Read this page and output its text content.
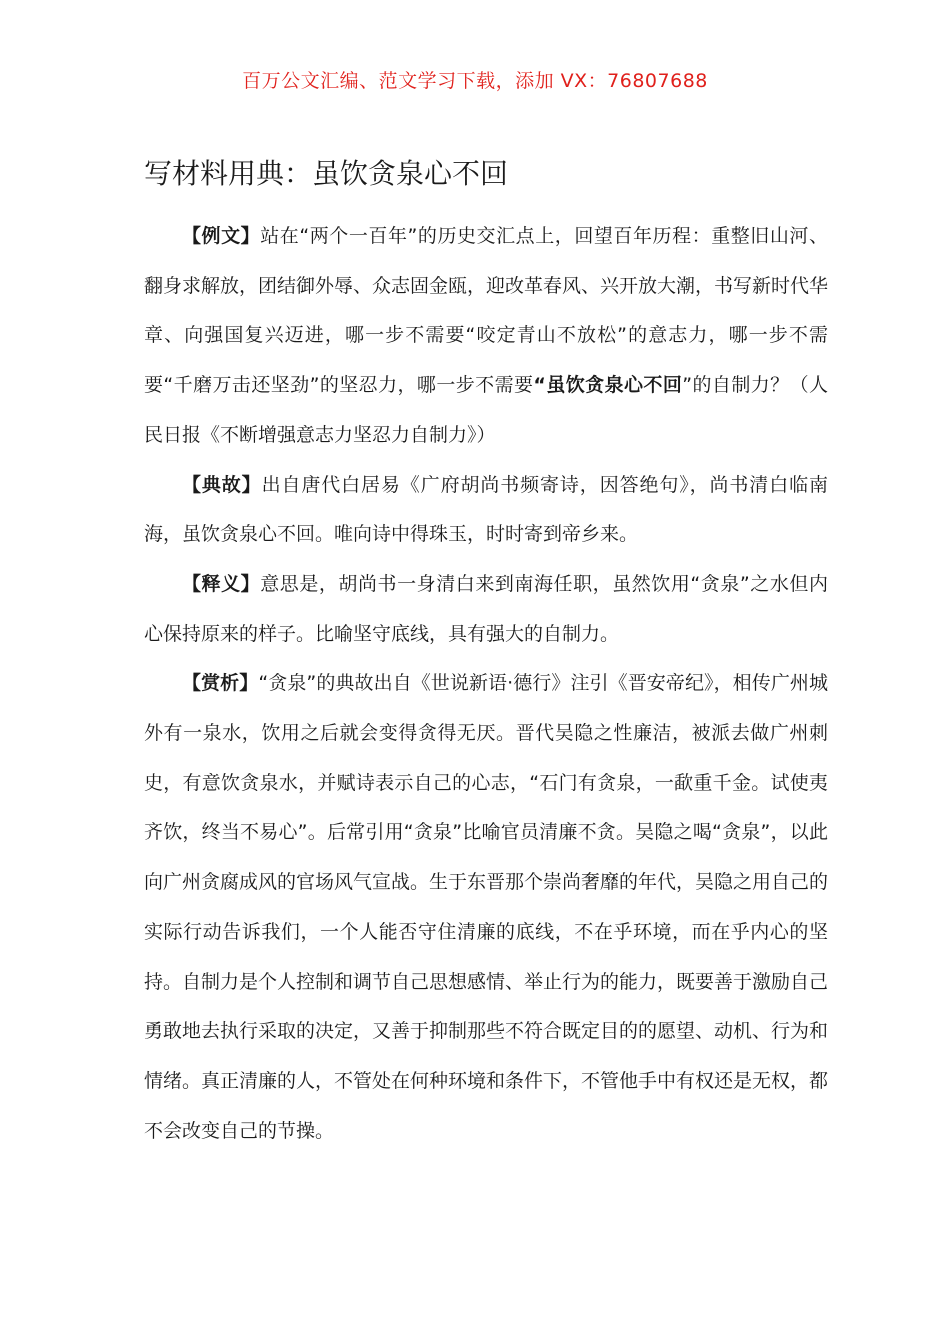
百万公文汇编、范文学习下载，添加 VX：76807688
写材料用典：虽饮贪泉心不回

【例文】站在“两个一百年”的历史交汇点上，回望百年历程：重整旧山河、翻身求解放，团结御外辱、众志固金瓯，迎改革春风、兴开放大潮，书写新时代华章、向强国复兴迈进，哪一步不需要“咬定青山不放松”的意志力，哪一步不需要“千磨万击还坚劲”的坚忍力，哪一步不需要“虽饮贪泉心不回”的自制力？（人民日报《不断增强意志力坚忍力自制力》）

【典故】出自唐代白居易《广府胡尚书频寄诗，因答绝句》，尚书清白临南海，虽饮贪泉心不回。唯向诗中得珠玉，时时寄到帝乡来。

【释义】意思是，胡尚书一身清白来到南海任职，虽然饮用“贪泉”之水但内心保持原来的样子。比喻坚守底线，具有强大的自制力。

【赏析】“贪泉”的典故出自《世说新语·德行》注引《晋安帝纪》，相传广州城外有一泉水，饮用之后就会变得贪得无厌。晋代吴隐之性廉洁，被派去做广州刺史，有意饮贪泉水，并赋诗表示自己的心志，“石门有贪泉，一歃重千金。试使夷齐饮，终当不易心”。后常引用“贪泉”比喻官员清廉不贪。吴隐之喝“贪泉”，以此向广州贪腐成风的官场风气宣战。生于东晋那个崇尚奢靡的年代，吴隐之用自己的实际行动告诉我们，一个人能否守住清廉的底线，不在乎环境，而在乎内心的坚持。自制力是个人控制和调节自己思想感情、举止行为的能力，既要善于激励自己勇敢地去执行采取的决定，又善于抑制那些不符合既定目的的愿望、动机、行为和情绪。真正清廉的人，不管处在何种环境和条件下，不管他手中有权还是无权，都不会改变自己的节操。
